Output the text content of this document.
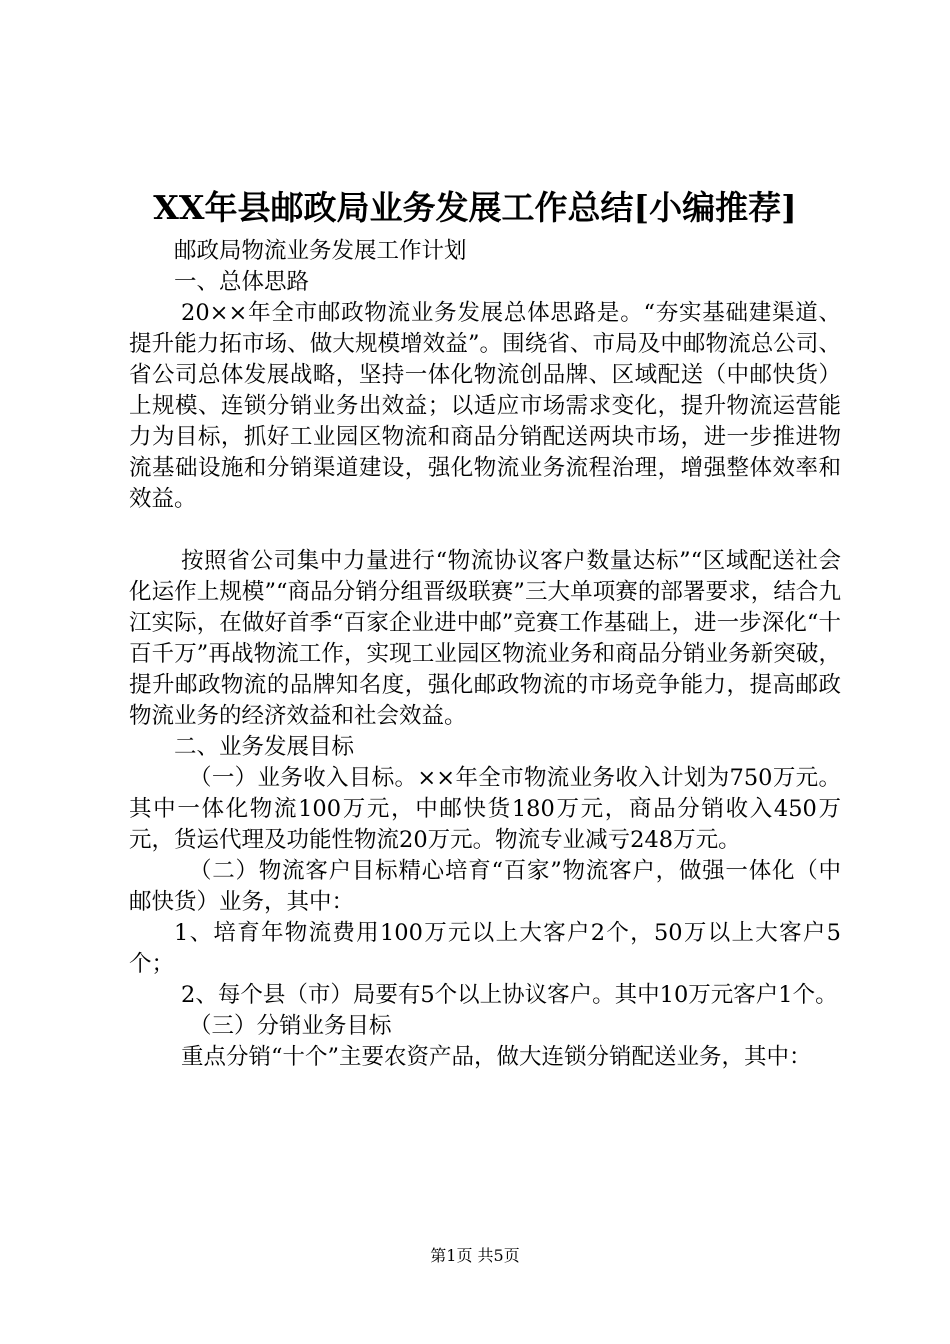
XX年县邮政局业务发展工作总结[小编推荐]

邮政局物流业务发展工作计划

一、总体思路

20××年全市邮政物流业务发展总体思路是。“夯实基础建渠道、提升能力拓市场、做大规模增效益”。围绕省、市局及中邮物流总公司、省公司总体发展战略，坚持一体化物流创品牌、区域配送（中邮快货）上规模、连锁分销业务出效益；以适应市场需求变化，提升物流运营能力为目标，抓好工业园区物流和商品分销配送两块市场，进一步推进物流基础设施和分销渠道建设，强化物流业务流程治理，增强整体效率和效益。

按照省公司集中力量进行“物流协议客户数量达标”“区域配送社会化运作上规模”“商品分销分组晋级联赛”三大单项赛的部署要求，结合九江实际，在做好首季“百家企业进中邮”竞赛工作基础上，进一步深化“十百千万”再战物流工作，实现工业园区物流业务和商品分销业务新突破，提升邮政物流的品牌知名度，强化邮政物流的市场竞争能力，提高邮政物流业务的经济效益和社会效益。

二、业务发展目标

（一）业务收入目标。××年全市物流业务收入计划为750万元。其中一体化物流100万元，中邮快货180万元，商品分销收入450万元，货运代理及功能性物流20万元。物流专业减亏248万元。

（二）物流客户目标精心培育“百家”物流客户，做强一体化（中邮快货）业务，其中：

1、培育年物流费用100万元以上大客户2个，50万以上大客户5个；

2、每个县（市）局要有5个以上协议客户。其中10万元客户1个。

（三）分销业务目标

重点分销“十个”主要农资产品，做大连锁分销配送业务，其中：

第1页 共5页
